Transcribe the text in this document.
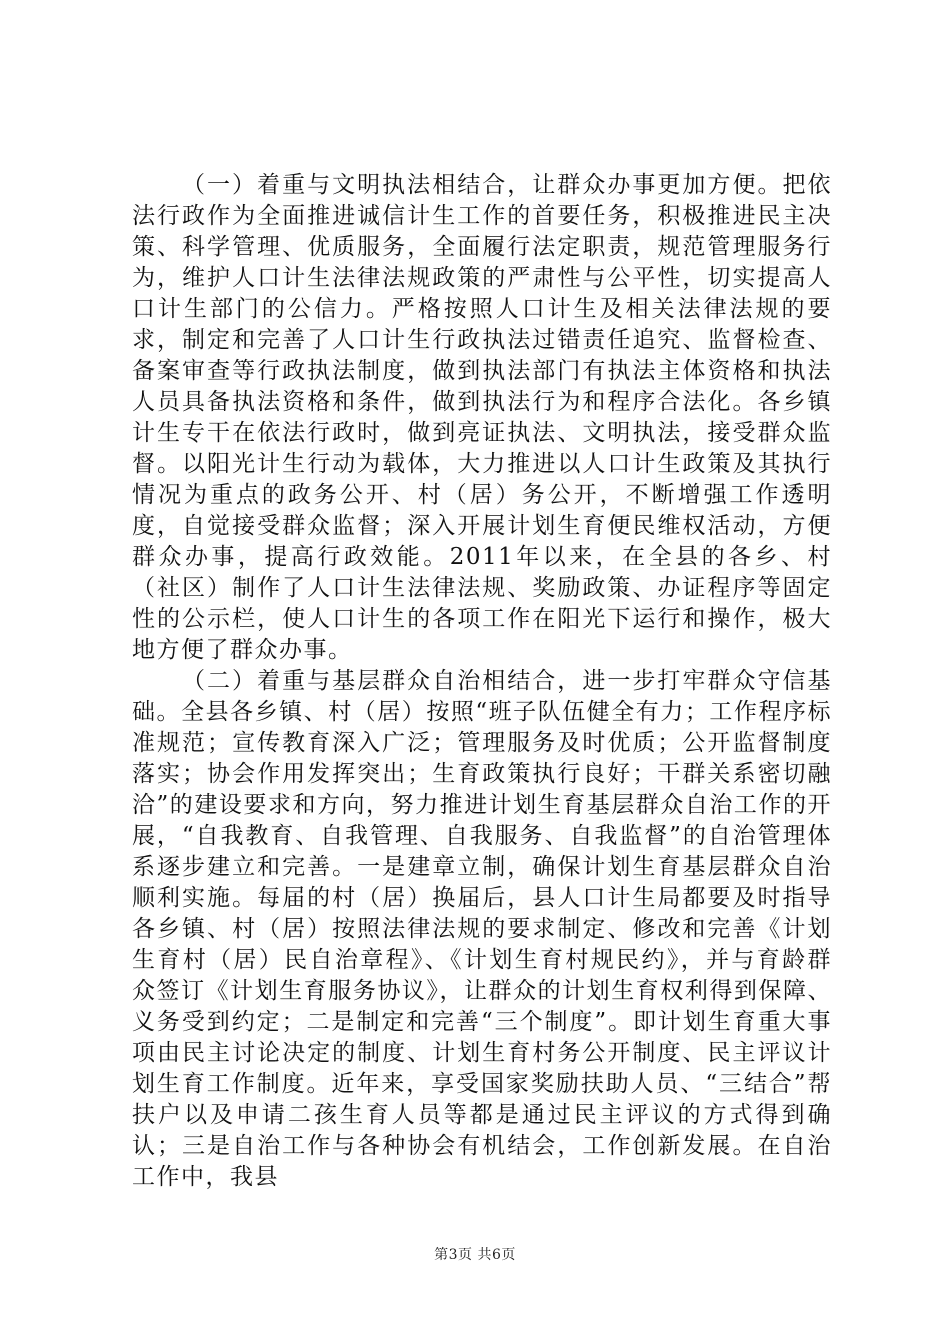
（一）着重与文明执法相结合，让群众办事更加方便。把依法行政作为全面推进诚信计生工作的首要任务，积极推进民主决策、科学管理、优质服务，全面履行法定职责，规范管理服务行为，维护人口计生法律法规政策的严肃性与公平性，切实提高人口计生部门的公信力。严格按照人口计生及相关法律法规的要求，制定和完善了人口计生行政执法过错责任追究、监督检查、备案审查等行政执法制度，做到执法部门有执法主体资格和执法人员具备执法资格和条件，做到执法行为和程序合法化。各乡镇计生专干在依法行政时，做到亮证执法、文明执法，接受群众监督。以阳光计生行动为载体，大力推进以人口计生政策及其执行情况为重点的政务公开、村（居）务公开，不断增强工作透明度，自觉接受群众监督；深入开展计划生育便民维权活动，方便群众办事，提高行政效能。2011年以来，在全县的各乡、村（社区）制作了人口计生法律法规、奖励政策、办证程序等固定性的公示栏，使人口计生的各项工作在阳光下运行和操作，极大地方便了群众办事。

（二）着重与基层群众自治相结合，进一步打牢群众守信基础。全县各乡镇、村（居）按照“班子队伍健全有力；工作程序标准规范；宣传教育深入广泛；管理服务及时优质；公开监督制度落实；协会作用发挥突出；生育政策执行良好；干群关系密切融洽”的建设要求和方向，努力推进计划生育基层群众自治工作的开展，“自我教育、自我管理、自我服务、自我监督”的自治管理体系逐步建立和完善。一是建章立制，确保计划生育基层群众自治顺利实施。每届的村（居）换届后，县人口计生局都要及时指导各乡镇、村（居）按照法律法规的要求制定、修改和完善《计划生育村（居）民自治章程》、《计划生育村规民约》，并与育龄群众签订《计划生育服务协议》，让群众的计划生育权利得到保障、义务受到约定；二是制定和完善“三个制度”。即计划生育重大事项由民主讨论决定的制度、计划生育村务公开制度、民主评议计划生育工作制度。近年来，享受国家奖励扶助人员、“三结合”帮扶户以及申请二孩生育人员等都是通过民主评议的方式得到确认；三是自治工作与各种协会有机结会，工作创新发展。在自治工作中，我县

第3页 共6页
